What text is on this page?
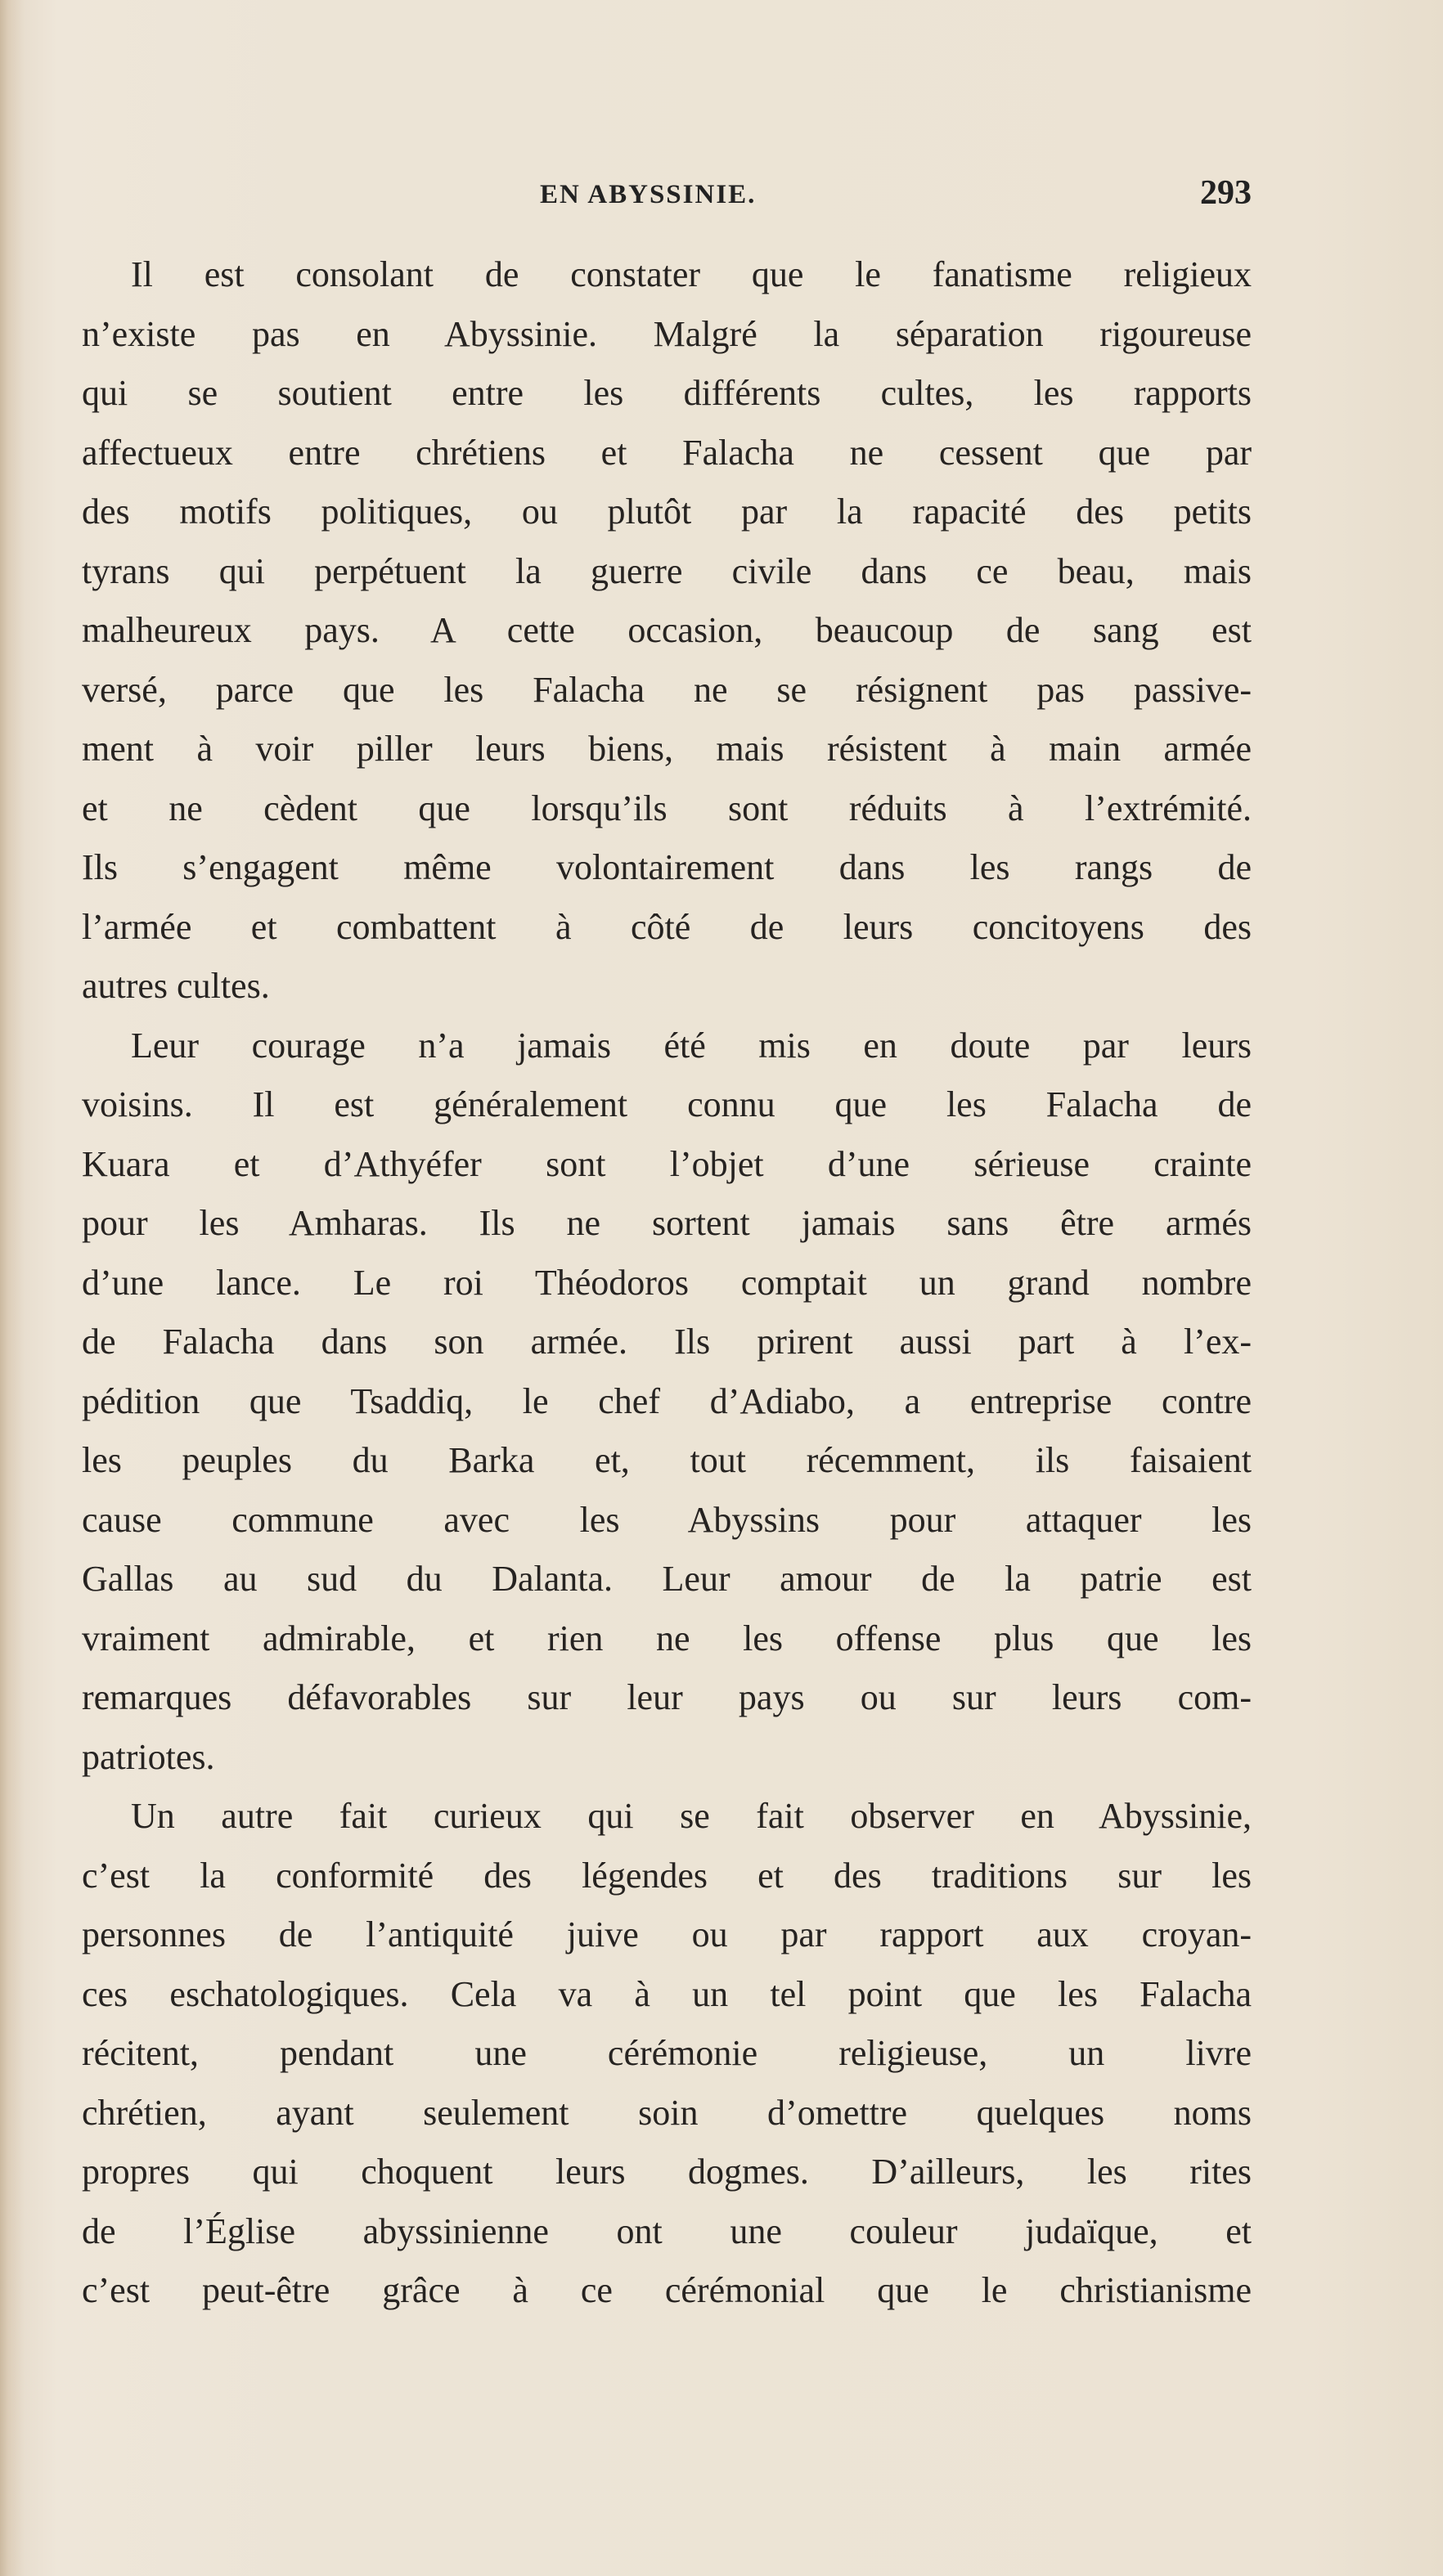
EN ABYSSINIE.	293
Il est consolant de constater que le fanatisme religieux
n’existe pas en Abyssinie. Malgré la séparation rigoureuse
qui se soutient entre les différents cultes, les rapports
affectueux entre chrétiens et Falacha ne cessent que par
des motifs politiques, ou plutôt par la rapacité des petits
tyrans qui perpétuent la guerre civile dans ce beau, mais
malheureux pays. A cette occasion, beaucoup de sang est
versé, parce que les Falacha ne se résignent pas passive-
ment à voir piller leurs biens, mais résistent à main armée
et ne cèdent que lorsqu’ils sont réduits à l’extrémité.
Ils s’engagent même volontairement dans les rangs de
l’armée et combattent à côté de leurs concitoyens des
autres cultes.
Leur courage n’a jamais été mis en doute par leurs
voisins. Il est généralement connu que les Falacha de
Kuara et d’Athyéfer sont l’objet d’une sérieuse crainte
pour les Amharas. Ils ne sortent jamais sans être armés
d’une lance. Le roi Théodoros comptait un grand nombre
de Falacha dans son armée. Ils prirent aussi part à l’ex-
pédition que Tsaddiq, le chef d’Adiabo, a entreprise contre
les peuples du Barka et, tout récemment, ils faisaient
cause commune avec les Abyssins pour attaquer les
Gallas au sud du Dalanta. Leur amour de la patrie est
vraiment admirable, et rien ne les offense plus que les
remarques défavorables sur leur pays ou sur leurs com-
patriotes.
Un autre fait curieux qui se fait observer en Abyssinie,
c’est la conformité des légendes et des traditions sur les
personnes de l’antiquité juive ou par rapport aux croyan-
ces eschatologiques. Cela va à un tel point que les Falacha
récitent, pendant une cérémonie religieuse, un livre
chrétien, ayant seulement soin d’omettre quelques noms
propres qui choquent leurs dogmes. D’ailleurs, les rites
de l’Église abyssinienne ont une couleur judaïque, et
c’est peut-être grâce à ce cérémonial que le christianisme
